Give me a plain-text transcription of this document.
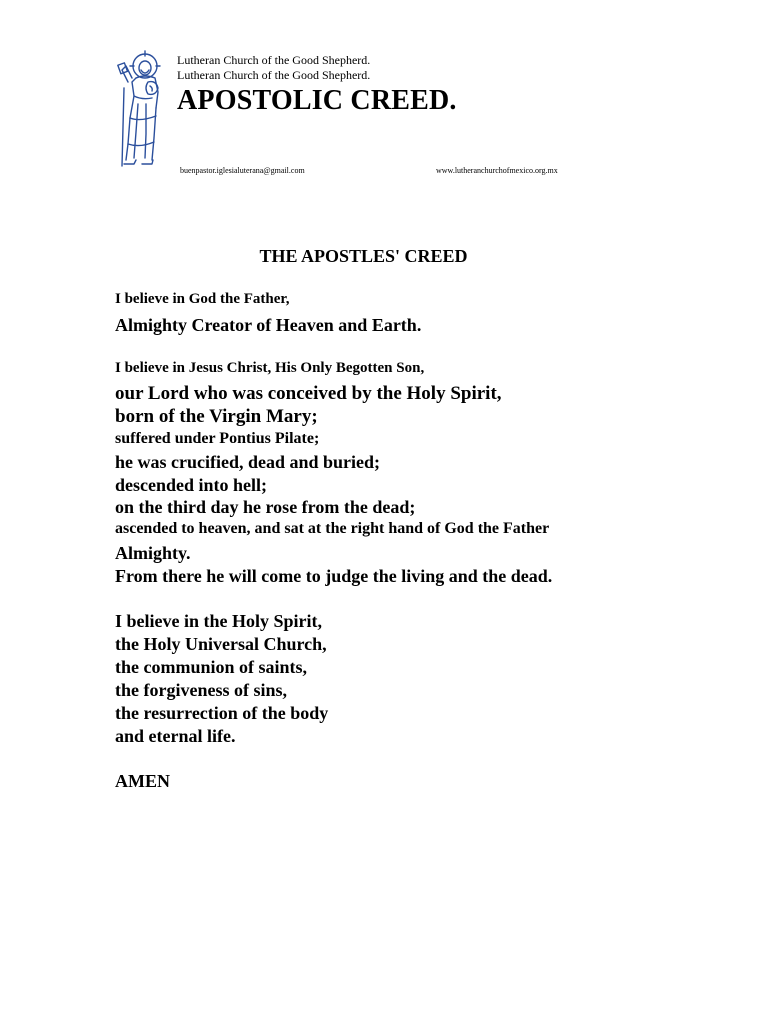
Lutheran Church of the Good Shepherd.
Lutheran Church of the Good Shepherd.
APOSTOLIC CREED.
buenpastor.iglesialuterana@gmail.com	www.lutheranchurchofmexico.org.mx
THE APOSTLES' CREED
I believe in God the Father,
Almighty Creator of Heaven and Earth.
I believe in Jesus Christ, His Only Begotten Son,
our Lord who was conceived by the Holy Spirit,
born of the Virgin Mary;
suffered under Pontius Pilate;
he was crucified, dead and buried;
descended into hell;
on the third day he rose from the dead;
ascended to heaven, and sat at the right hand of God the Father
Almighty.
From there he will come to judge the living and the dead.
I believe in the Holy Spirit,
the Holy Universal Church,
the communion of saints,
the forgiveness of sins,
the resurrection of the body
and eternal life.
AMEN
